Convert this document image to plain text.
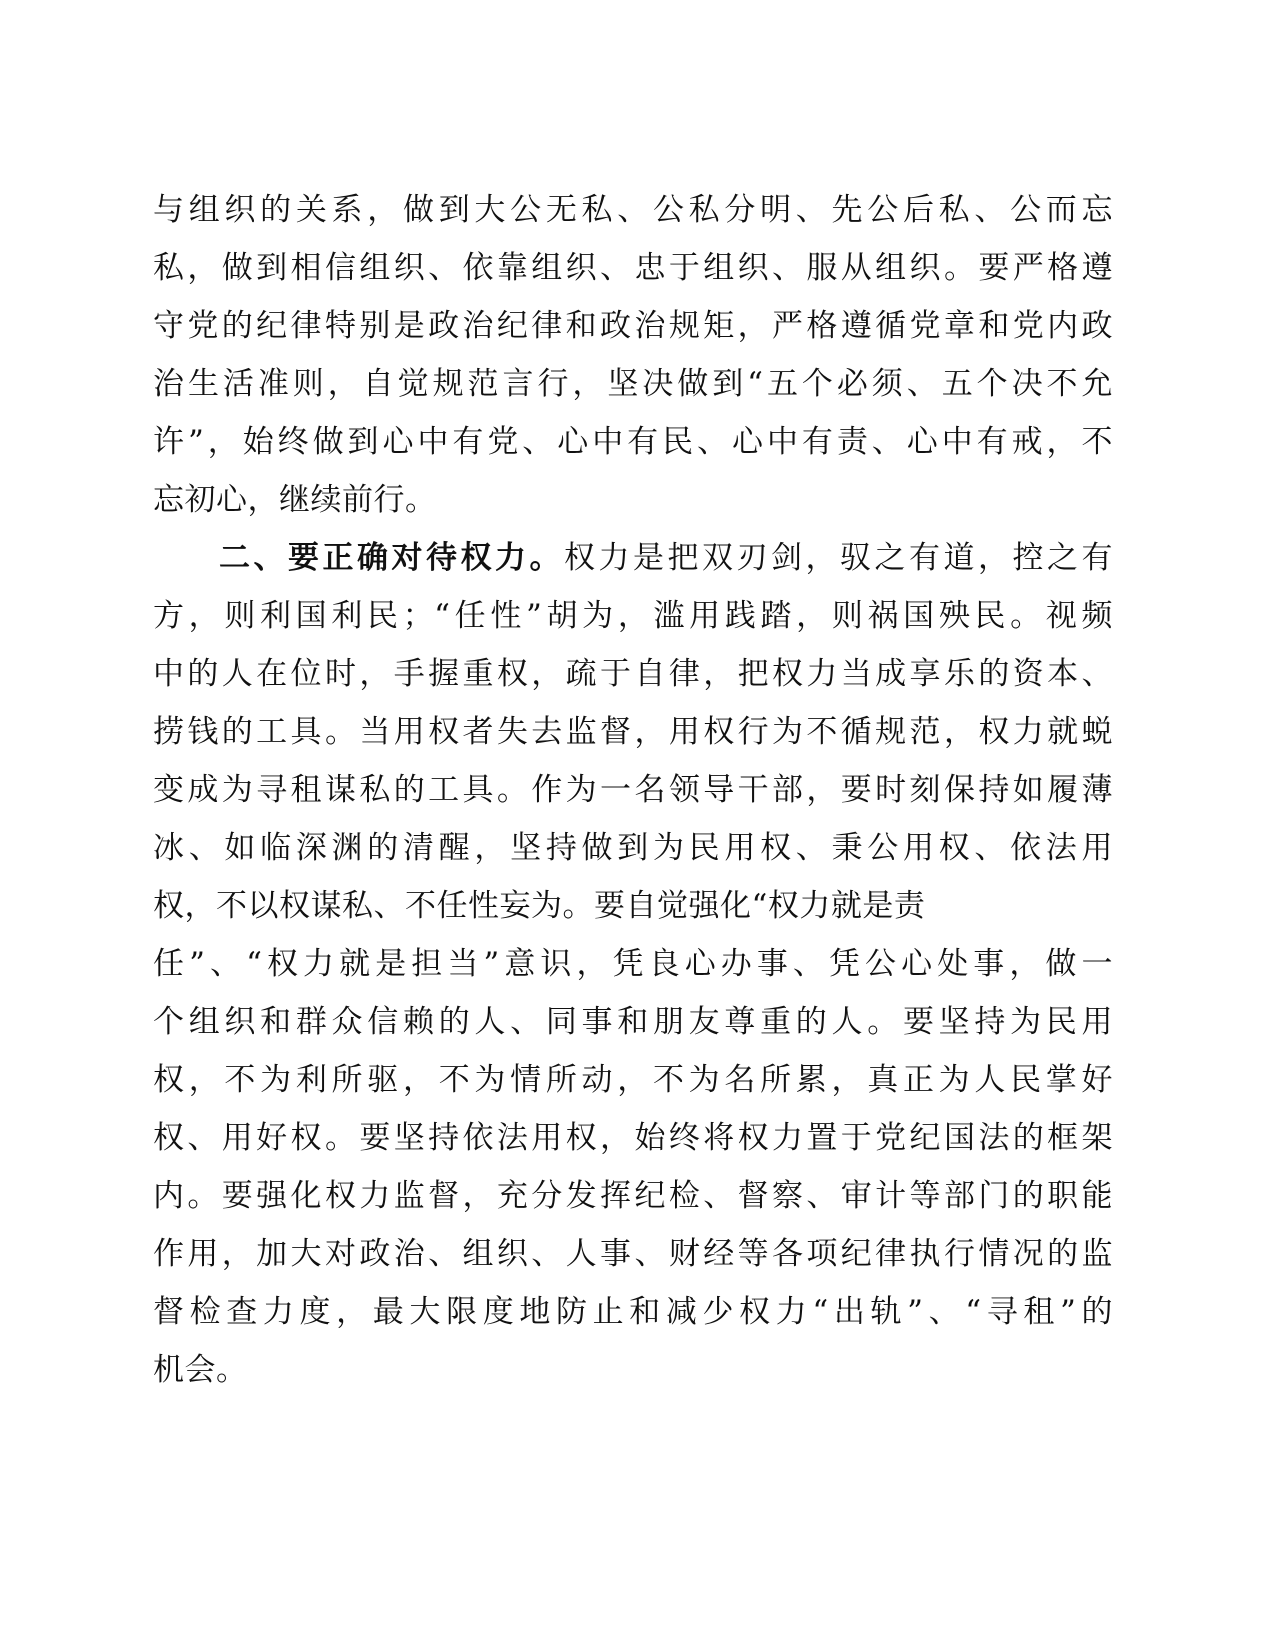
与组织的关系，做到大公无私、公私分明、先公后私、公而忘
私，做到相信组织、依靠组织、忠于组织、服从组织。要严格遵
守党的纪律特别是政治纪律和政治规矩，严格遵循党章和党内政
治生活准则，自觉规范言行，坚决做到“五个必须、五个决不允
许”，始终做到心中有党、心中有民、心中有责、心中有戒，不
忘初心，继续前行。
二、要正确对待权力。权力是把双刃剑，驭之有道，控之有
方，则利国利民；“任性”胡为，滥用践踏，则祸国殃民。视频
中的人在位时，手握重权，疏于自律，把权力当成享乐的资本、
捞钱的工具。当用权者失去监督，用权行为不循规范，权力就蜕
变成为寻租谋私的工具。作为一名领导干部，要时刻保持如履薄
冰、如临深渊的清醒，坚持做到为民用权、秉公用权、依法用
权，不以权谋私、不任性妄为。要自觉强化“权力就是责
任”、“权力就是担当”意识，凭良心办事、凭公心处事，做一
个组织和群众信赖的人、同事和朋友尊重的人。要坚持为民用
权，不为利所驱，不为情所动，不为名所累，真正为人民掌好
权、用好权。要坚持依法用权，始终将权力置于党纪国法的框架
内。要强化权力监督，充分发挥纪检、督察、审计等部门的职能
作用，加大对政治、组织、人事、财经等各项纪律执行情况的监
督检查力度，最大限度地防止和减少权力“出轨”、“寻租”的
机会。
